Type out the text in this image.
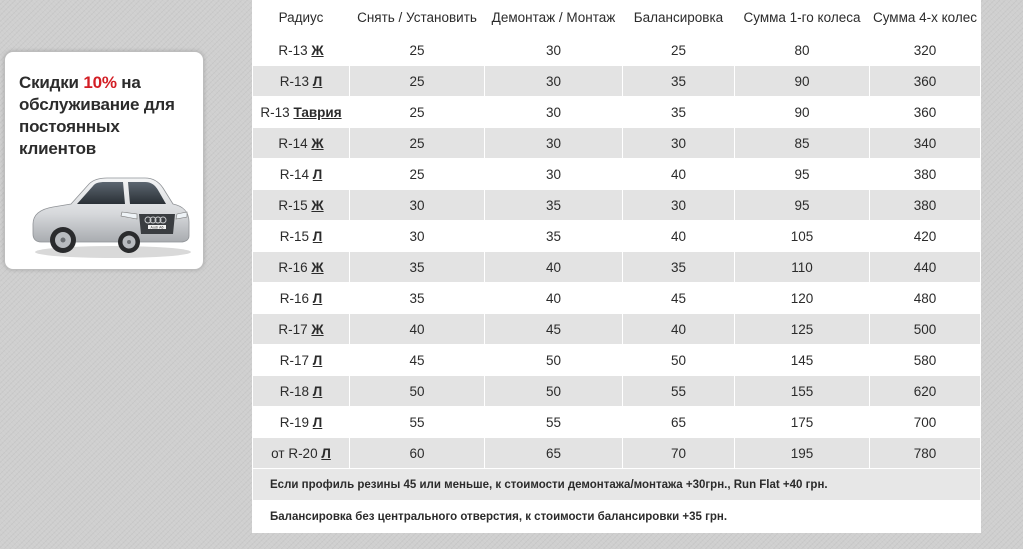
Скидки 10% на
обслуживание для
постоянных клиентов
Audi A6
Радиус	Снять / Установить	Демонтаж / Монтаж	Балансировка	Сумма 1-го колеса	Сумма 4-х колес
R-13 Ж	25	30	25	80	320
R-13 Л	25	30	35	90	360
R-13 Таврия	25	30	35	90	360
R-14 Ж	25	30	30	85	340
R-14 Л	25	30	40	95	380
R-15 Ж	30	35	30	95	380
R-15 Л	30	35	40	105	420
R-16 Ж	35	40	35	110	440
R-16 Л	35	40	45	120	480
R-17 Ж	40	45	40	125	500
R-17 Л	45	50	50	145	580
R-18 Л	50	50	55	155	620
R-19 Л	55	55	65	175	700
от R-20 Л	60	65	70	195	780
Если профиль резины 45 или меньше, к стоимости демонтажа/монтажа +30грн., Run Flat +40 грн.					
Балансировка без центрального отверстия, к стоимости балансировки +35 грн.					
